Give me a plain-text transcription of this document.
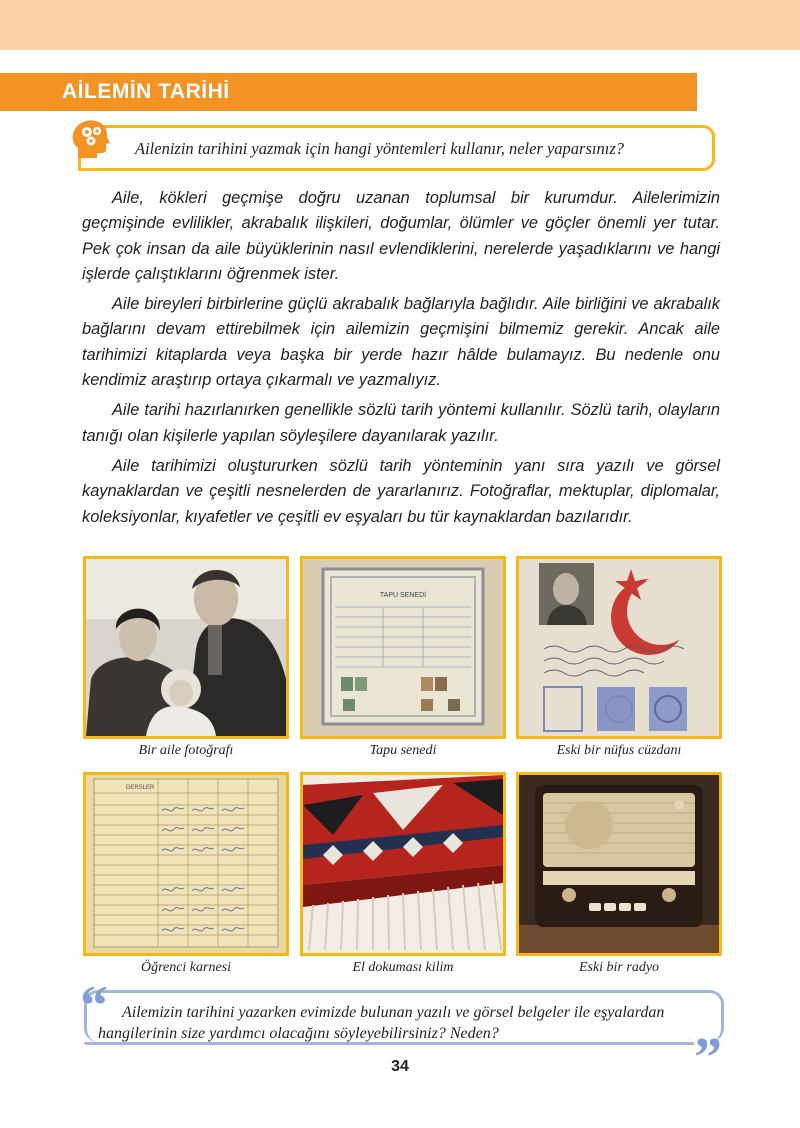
AİLEMİN TARİHİ
Ailenizin tarihini yazmak için hangi yöntemleri kullanır, neler yaparsınız?

Aile, kökleri geçmişe doğru uzanan toplumsal bir kurumdur. Ailelerimizin geçmişinde evlilikler, akrabalık ilişkileri, doğumlar, ölümler ve göçler önemli yer tutar. Pek çok insan da aile büyüklerinin nasıl evlendiklerini, nerelerde yaşadıklarını ve hangi işlerde çalıştıklarını öğrenmek ister.

Aile bireyleri birbirlerine güçlü akrabalık bağlarıyla bağlıdır. Aile birliğini ve akrabalık bağlarını devam ettirebilmek için ailemizin geçmişini bilmemiz gerekir. Ancak aile tarihimizi kitaplarda veya başka bir yerde hazır hâlde bulamayız. Bu nedenle onu kendimiz araştırıp ortaya çıkarmalı ve yazmalıyız.

Aile tarihi hazırlanırken genellikle sözlü tarih yöntemi kullanılır. Sözlü tarih, olayların tanığı olan kişilerle yapılan söyleşilere dayanılarak yazılır.

Aile tarihimizi oluştururken sözlü tarih yönteminin yanı sıra yazılı ve görsel kaynaklardan ve çeşitli nesnelerden de yararlanırız. Fotoğraflar, mektuplar, diplomalar, koleksiyonlar, kıyafetler ve çeşitli ev eşyaları bu tür kaynaklardan bazılarıdır.

Bir aile fotoğrafı
TAPU SENEDİ
Tapu senedi	Eski bir nüfus cüzdanı
DERSLER
Öğrenci karnesi	El dokuması kilim	Eski bir radyo
Ailemizin tarihini yazarken evimizde bulunan yazılı ve görsel belgeler ile eşyalardan hangilerinin size yardımcı olacağını söyleyebilirsiniz? Neden?
“
”
34
